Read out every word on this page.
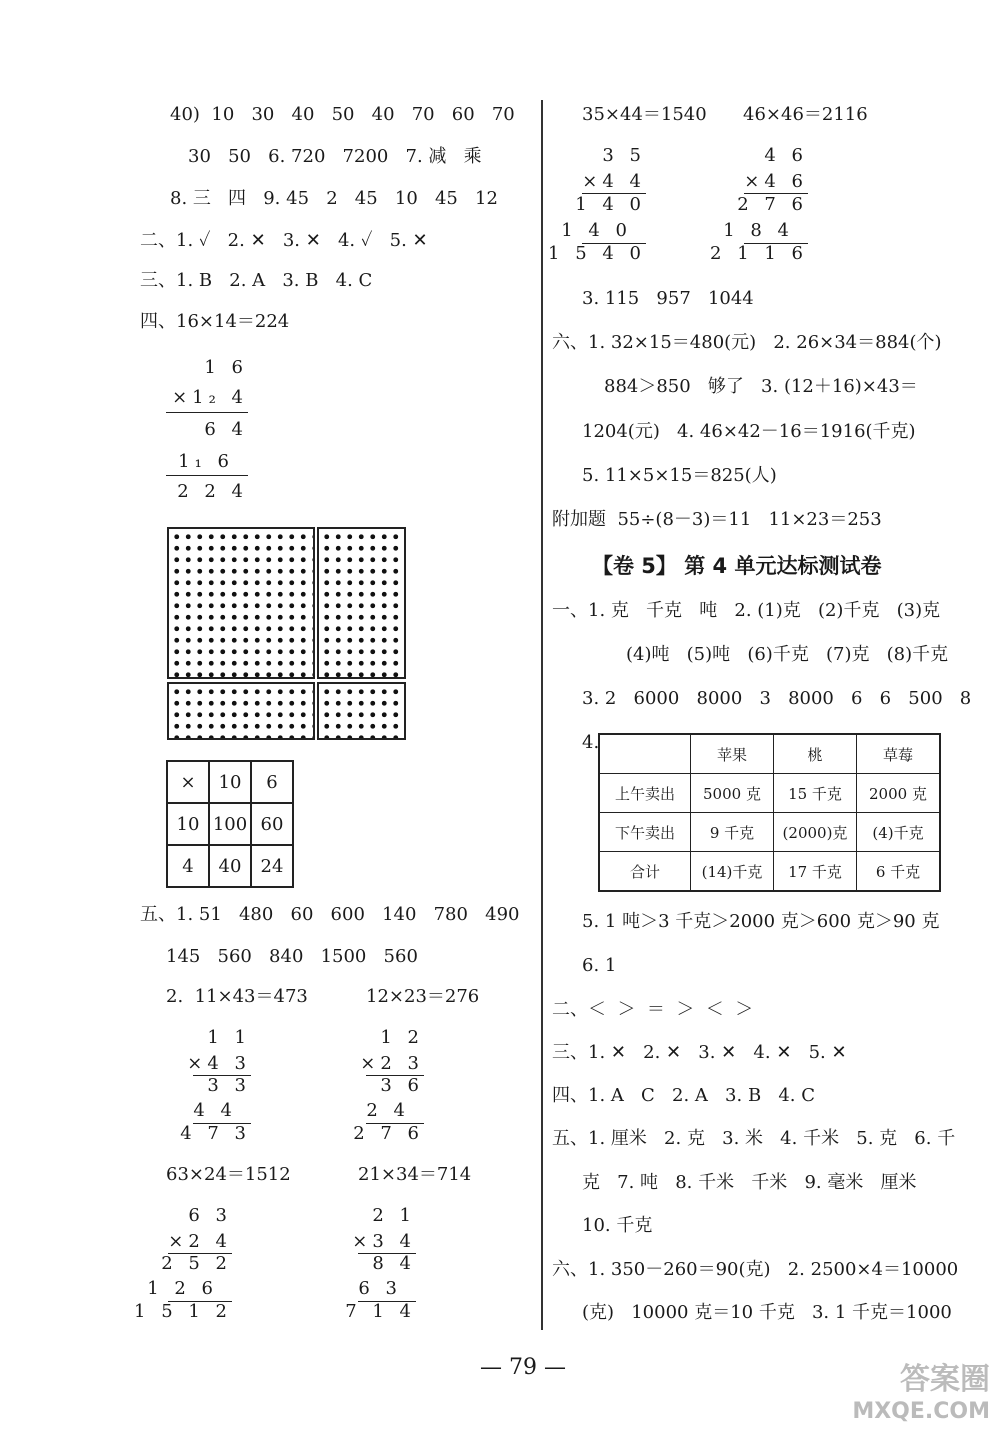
40)  10   30   40   50   40   70   60   70
30   50   6. 720   7200   7. 减   乘
8. 三   四   9. 45   2   45   10   45   12
二、1. ✓   2. ✕   3. ✕   4. ✓   5. ✕
三、1. B   2. A   3. B   4. C
四、16×14＝224
1 6
×1₂ 4
6 4
1₁ 6
2 2 4
×	10	6
10	100	60
4	40	24
五、1. 51   480   60   600   140   780   490
145   560   840   1500   560
2.  11×43＝473	12×23＝276
1 1
×4 3
3 3
4 4
4 7 3
1 2
×2 3
3 6
2 4
2 7 6
63×24＝1512	21×34＝714
6 3
×2 4
2 5 2
1 2 6
1 5 1 2
2 1
×3 4
8 4
6 3
7 1 4
35×44＝1540 46×46＝2116
3 5
×4 4
1 4 0
1 4 0
1 5 4 0
4 6
×4 6
2 7 6
1 8 4
2 1 1 6
3. 115   957   1044
六、1. 32×15＝480(元)   2. 26×34＝884(个)
884＞850   够了   3. (12＋16)×43＝
1204(元)   4. 46×42－16＝1916(千克)
5. 11×5×15＝825(人)
附加题  55÷(8－3)＝11   11×23＝253
【卷 5】 第 4 单元达标测试卷
一、1. 克   千克   吨   2. (1)克   (2)千克   (3)克
(4)吨   (5)吨   (6)千克   (7)克   (8)千克
3. 2   6000   8000   3   8000   6   6   500   8
4.
	苹果	桃	草莓
上午卖出	5000 克	15 千克	2000 克
下午卖出	9 千克	(2000)克	(4)千克
合计	(14)千克	17 千克	6 千克
5. 1 吨＞3 千克＞2000 克＞600 克＞90 克
6. 1
二、＜  ＞  ＝  ＞  ＜  ＞
三、1. ✕   2. ✕   3. ✕   4. ✕   5. ✕
四、1. A   C   2. A   3. B   4. C
五、1. 厘米   2. 克   3. 米   4. 千米   5. 克   6. 千
克   7. 吨   8. 千米   千米   9. 毫米   厘米
10. 千克
六、1. 350－260＝90(克)   2. 2500×4＝10000
(克)   10000 克＝10 千克   3. 1 千克＝1000
— 79 —	答案圈
MXQE.COM
